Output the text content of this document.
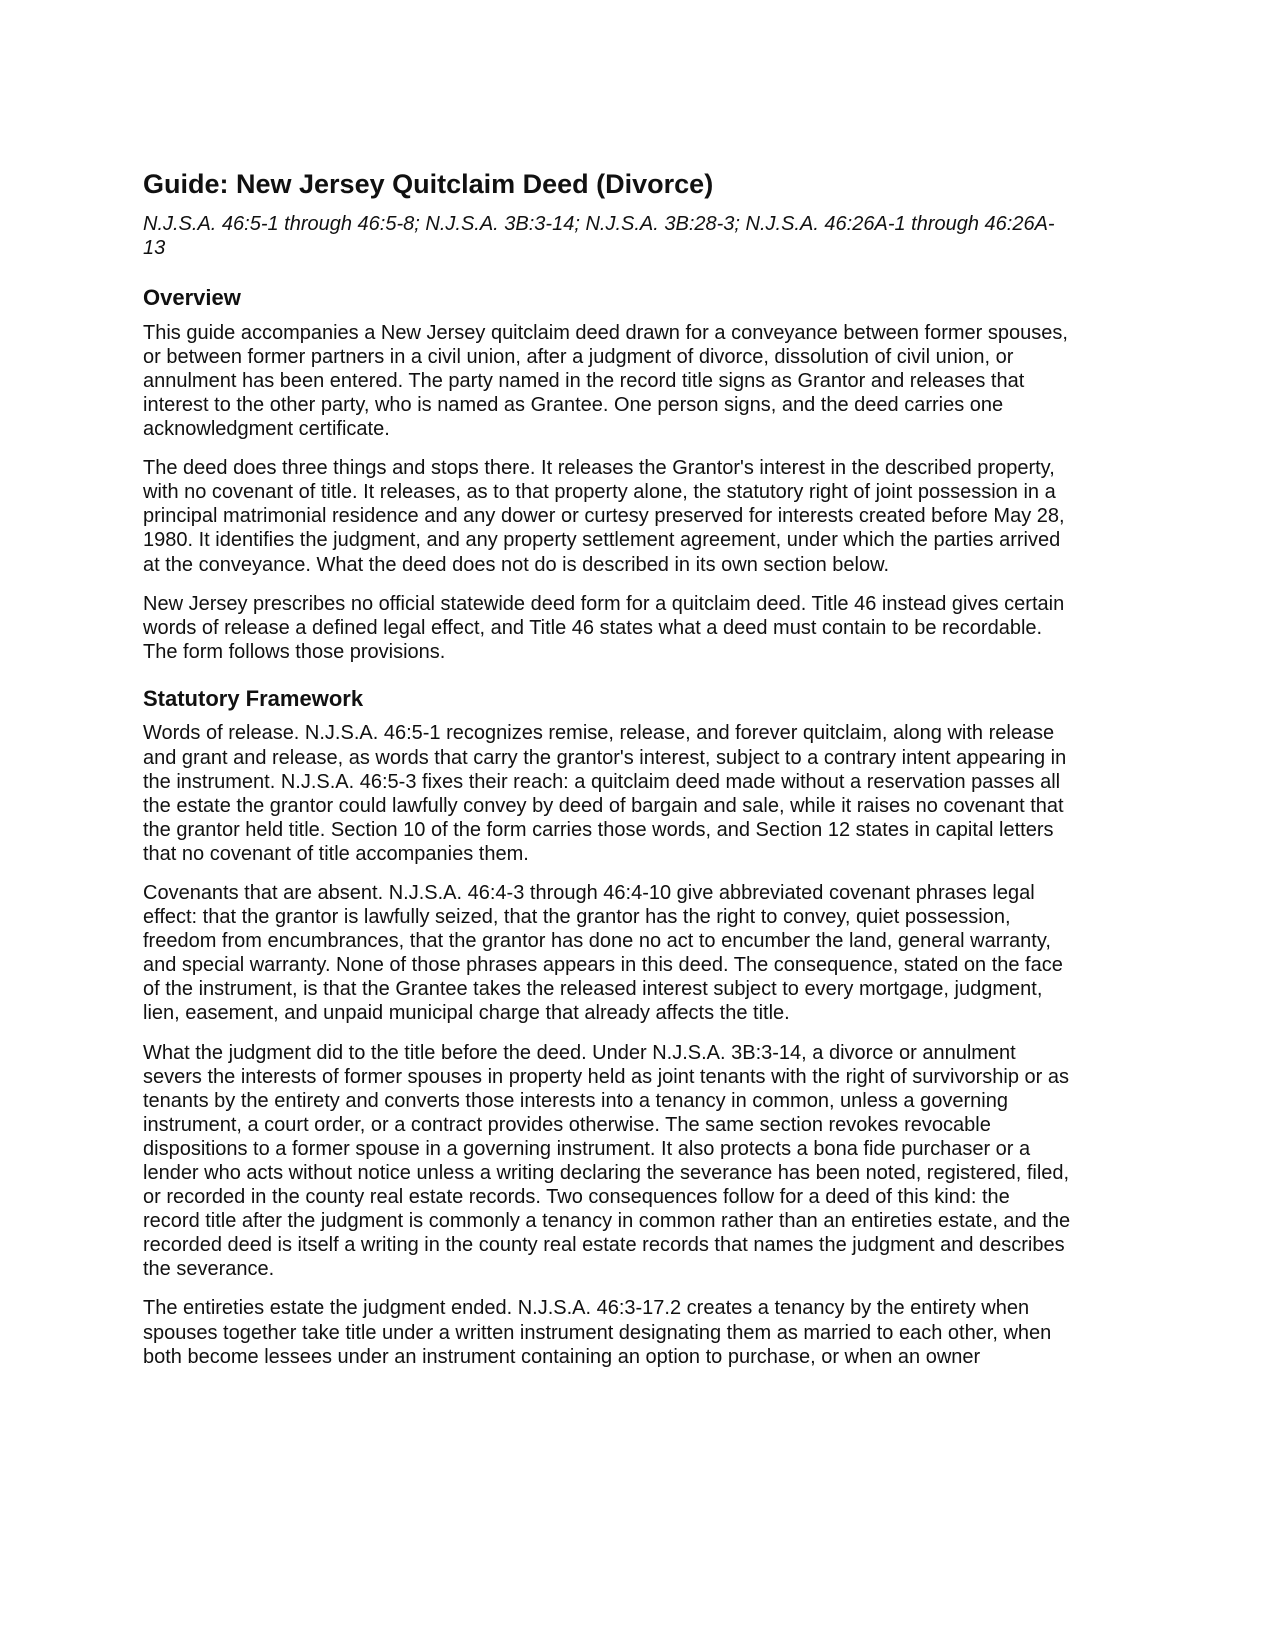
Guide: New Jersey Quitclaim Deed (Divorce)

N.J.S.A. 46:5-1 through 46:5-8; N.J.S.A. 3B:3-14; N.J.S.A. 3B:28-3; N.J.S.A. 46:26A-1 through 46:26A-13

Overview

This guide accompanies a New Jersey quitclaim deed drawn for a conveyance between former spouses, or between former partners in a civil union, after a judgment of divorce, dissolution of civil union, or annulment has been entered. The party named in the record title signs as Grantor and releases that interest to the other party, who is named as Grantee. One person signs, and the deed carries one acknowledgment certificate.

The deed does three things and stops there. It releases the Grantor's interest in the described property, with no covenant of title. It releases, as to that property alone, the statutory right of joint possession in a principal matrimonial residence and any dower or curtesy preserved for interests created before May 28, 1980. It identifies the judgment, and any property settlement agreement, under which the parties arrived at the conveyance. What the deed does not do is described in its own section below.

New Jersey prescribes no official statewide deed form for a quitclaim deed. Title 46 instead gives certain words of release a defined legal effect, and Title 46 states what a deed must contain to be recordable. The form follows those provisions.

Statutory Framework

Words of release. N.J.S.A. 46:5-1 recognizes remise, release, and forever quitclaim, along with release and grant and release, as words that carry the grantor's interest, subject to a contrary intent appearing in the instrument. N.J.S.A. 46:5-3 fixes their reach: a quitclaim deed made without a reservation passes all the estate the grantor could lawfully convey by deed of bargain and sale, while it raises no covenant that the grantor held title. Section 10 of the form carries those words, and Section 12 states in capital letters that no covenant of title accompanies them.

Covenants that are absent. N.J.S.A. 46:4-3 through 46:4-10 give abbreviated covenant phrases legal effect: that the grantor is lawfully seized, that the grantor has the right to convey, quiet possession, freedom from encumbrances, that the grantor has done no act to encumber the land, general warranty, and special warranty. None of those phrases appears in this deed. The consequence, stated on the face of the instrument, is that the Grantee takes the released interest subject to every mortgage, judgment, lien, easement, and unpaid municipal charge that already affects the title.

What the judgment did to the title before the deed. Under N.J.S.A. 3B:3-14, a divorce or annulment severs the interests of former spouses in property held as joint tenants with the right of survivorship or as tenants by the entirety and converts those interests into a tenancy in common, unless a governing instrument, a court order, or a contract provides otherwise. The same section revokes revocable dispositions to a former spouse in a governing instrument. It also protects a bona fide purchaser or a lender who acts without notice unless a writing declaring the severance has been noted, registered, filed, or recorded in the county real estate records. Two consequences follow for a deed of this kind: the record title after the judgment is commonly a tenancy in common rather than an entireties estate, and the recorded deed is itself a writing in the county real estate records that names the judgment and describes the severance.

The entireties estate the judgment ended. N.J.S.A. 46:3-17.2 creates a tenancy by the entirety when spouses together take title under a written instrument designating them as married to each other, when both become lessees under an instrument containing an option to purchase, or when an owner
